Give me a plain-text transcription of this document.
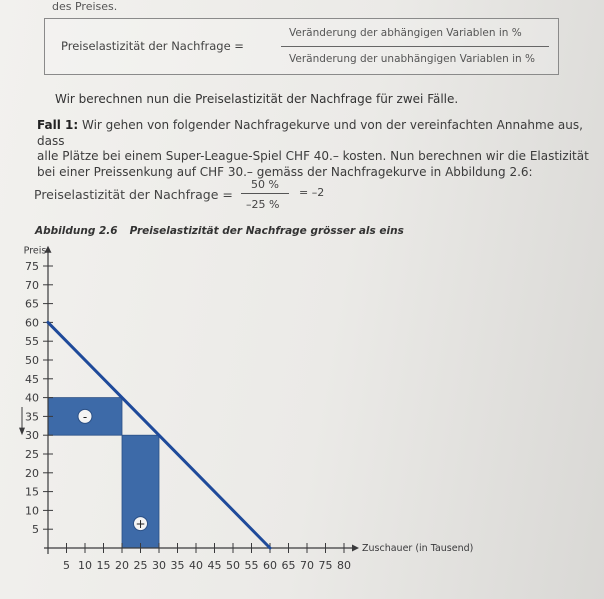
des Preises.
Preiselastizität der Nachfrage =
Veränderung der abhängigen Variablen in %
Veränderung der unabhängigen Variablen in %
Wir berechnen nun die Preiselastizität der Nachfrage für zwei Fälle.
Fall 1: Wir gehen von folgender Nachfragekurve und von der vereinfachten Annahme aus, dass
alle Plätze bei einem Super-League-Spiel CHF 40.– kosten. Nun berechnen wir die Elastizität
bei einer Preissenkung auf CHF 30.– gemäss der Nachfragekurve in Abbildung 2.6:
Preiselastizität der Nachfrage =
50 %
–25 %
= –2
Abbildung 2.6 Preiselastizität der Nachfrage grösser als eins
-
+
5
10
15
20
25
30
35
40
45
50
55
60
65
70
75
5 10 15 20 25 30 35 40 45 50 55 60 65 70 75 80
Preis
Zuschauer (in Tausend)
